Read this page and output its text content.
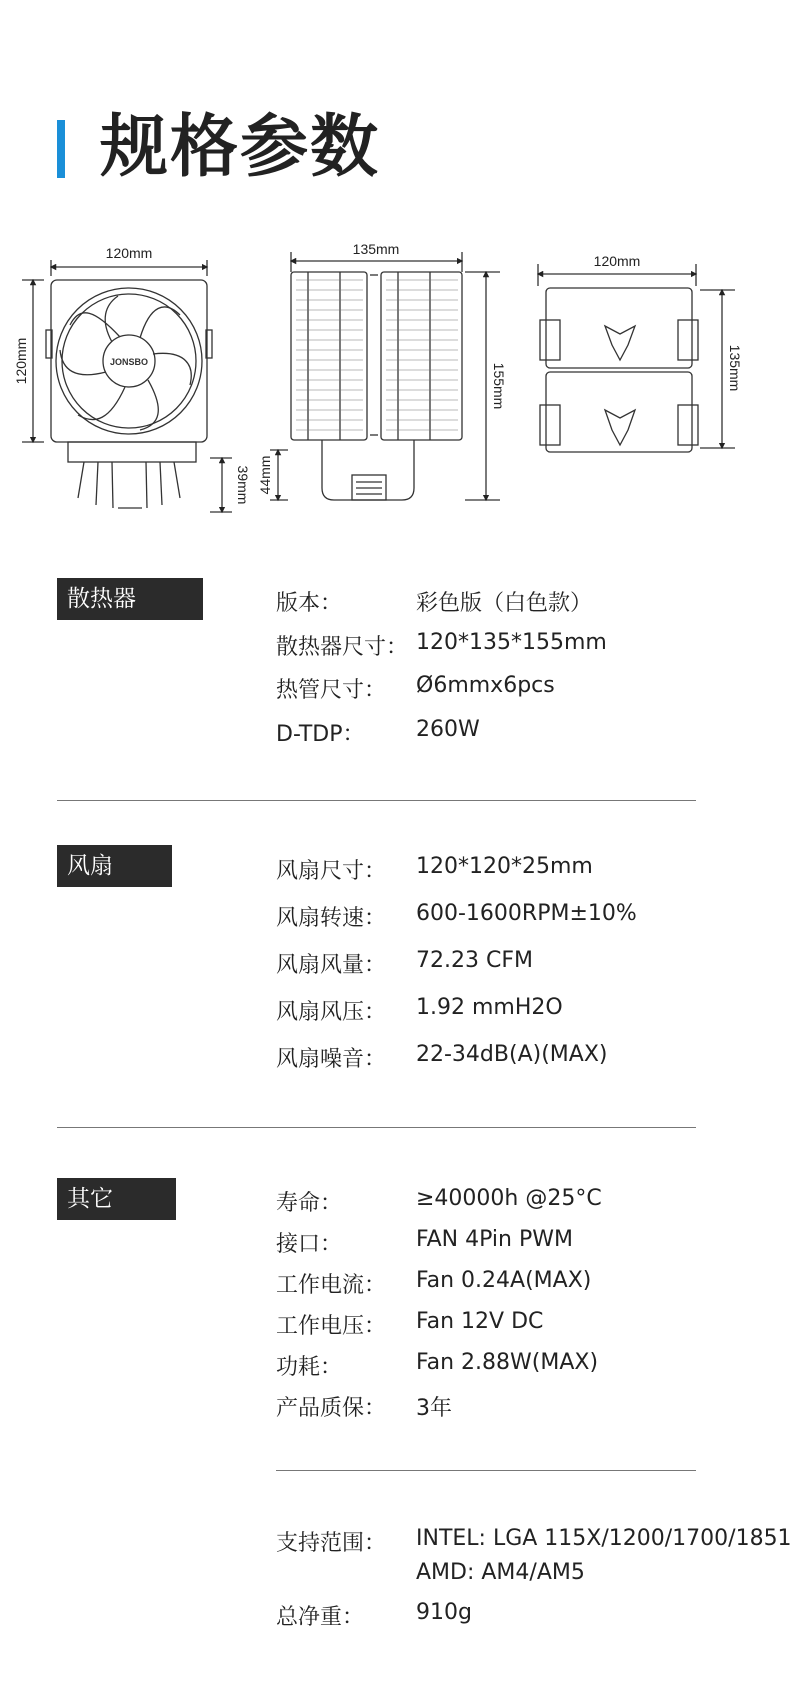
规格参数
120mm
120mm
39mm
JONSBO
135mm
155mm
44mm
120mm
135mm
散热器>>>
版本：	彩色版（白色款）
散热器尺寸： 120*135*155mm
热管尺寸： Ø6mmx6pcs
D-TDP： 260W
风扇>>>
风扇尺寸： 120*120*25mm
风扇转速： 600-1600RPM±10%
风扇风量： 72.23 CFM
风扇风压： 1.92 mmH2O
风扇噪音： 22-34dB(A)(MAX)
其它>>>
寿命：	≥40000h @25°C
接口：	FAN 4Pin PWM
工作电流： Fan 0.24A(MAX)
工作电压： Fan 12V DC
功耗：	Fan 2.88W(MAX)
产品质保： 3年
支持范围： INTEL: LGA 115X/1200/1700/1851
AMD: AM4/AM5
总净重： 910g
